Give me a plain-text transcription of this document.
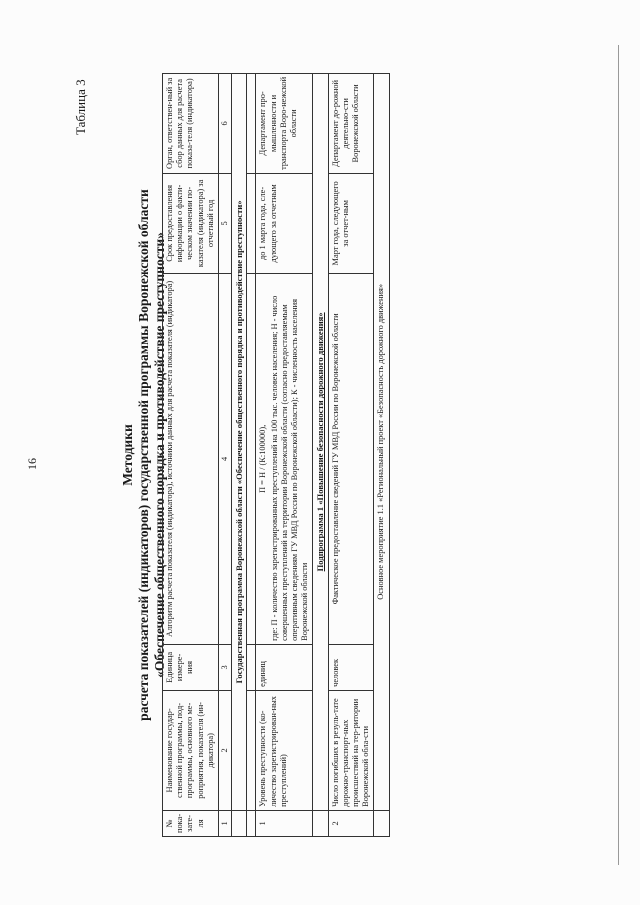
16
Таблица 3
Методики расчета показателей (индикаторов) государственной программы Воронежской области «Обеспечение общественного порядка и противодействие преступности»
№ пока-зате-ля	Наименование государ-ственной программы, под-программы, основного ме-роприятия, показателя (ин-дикатора)	Единица измере-ния	Алгоритм расчета показателя (индикатора), источники данных для расчета показателя (индикатора)	Срок предоставления информации о факти-ческом значении по-казателя (индикатора) за отчетный год	Орган, ответствен-ный за сбор данных для расчета показа-теля (индикатора)
1	2	3	4	5	6
	Государственная программа Воронежской области «Обеспечение общественного порядка и противодействие преступности»				

1	Уровень преступности (ко-личество зарегистрирован-ных преступлений)	единиц	П = Н / (К:100000), где: П - количество зарегистрированных преступлений на 100 тыс. человек населения; Н - число совершенных преступлений на территории Воронежской области (согласно предоставляемым оперативным сведениям ГУ МВД России по Воронежской области); К - численность населения Воронежской области	до 1 марта года, сле-дующего за отчетным	Департамент про-мышленности и транспорта Воро-нежской области
	Подпрограмма 1 «Повышение безопасности дорожного движения»				
2	Число погибших в резуль-тате дорожно-транспорт-ных происшествий на тер-ритории Воронежской обла-сти	человек	Фактическое предоставление сведений ГУ МВД России по Воронежской области	Март года, следующего за отчет-ным	Департамент до-рожной деятельно-сти Воронежской области
	Основное мероприятие 1.1 «Региональный проект «Безопасность дорожного движения»				
